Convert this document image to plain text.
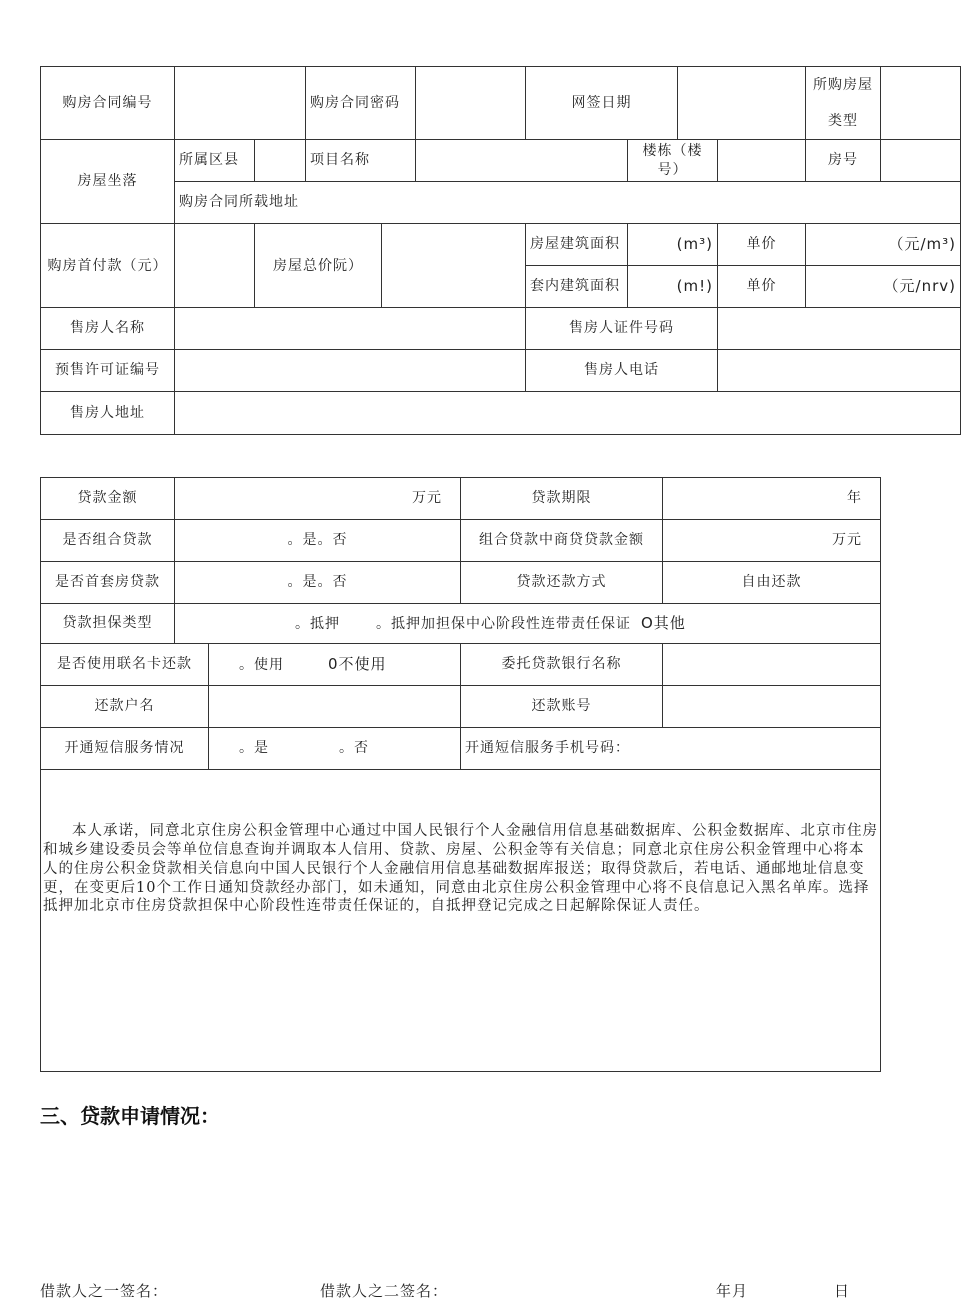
购房合同编号			购房合同密码			网签日期				所购房屋类型	
房屋坐落	所属区县		项目名称				楼栋（楼号）			房号	
	购房合同所载地址										
购房首付款（元）		房屋总价阮）				房屋建筑面积	(m³)		单价	（元/m³)	
						套内建筑面积	(m!)		单价	（元/nrv)	
售房人名称						售房人证件号码					
预售许可证编号						售房人电话					
售房人地址											
贷款金额	万元		贷款期限	年
是否组合贷款	。是。否		组合贷款中商贷贷款金额	万元
是否首套房贷款	。是。否		贷款还款方式	自由还款
贷款担保类型	。抵押 。抵押加担保中心阶段性连带责任保证 O其他			
是否使用联名卡还款		。使用 0不使用	委托贷款银行名称	
还款户名			还款账号	
开通短信服务情况		。是 。否	开通短信服务手机号码：	
本人承诺，同意北京住房公积金管理中心通过中国人民银行个人金融信用信息基础数据库、公积金数据库、北京市住房和城乡建设委员会等单位信息查询并调取本人信用、贷款、房屋、公积金等有关信息；同意北京住房公积金管理中心将本人的住房公积金贷款相关信息向中国人民银行个人金融信用信息基础数据库报送；取得贷款后，若电话、通邮地址信息变更，在变更后10个工作日通知贷款经办部门，如未通知，同意由北京住房公积金管理中心将不良信息记入黑名单库。选择抵押加北京市住房贷款担保中心阶段性连带责任保证的，自抵押登记完成之日起解除保证人责任。				
三、贷款申请情况：
借款人之一签名：	借款人之二签名：	年月	日
